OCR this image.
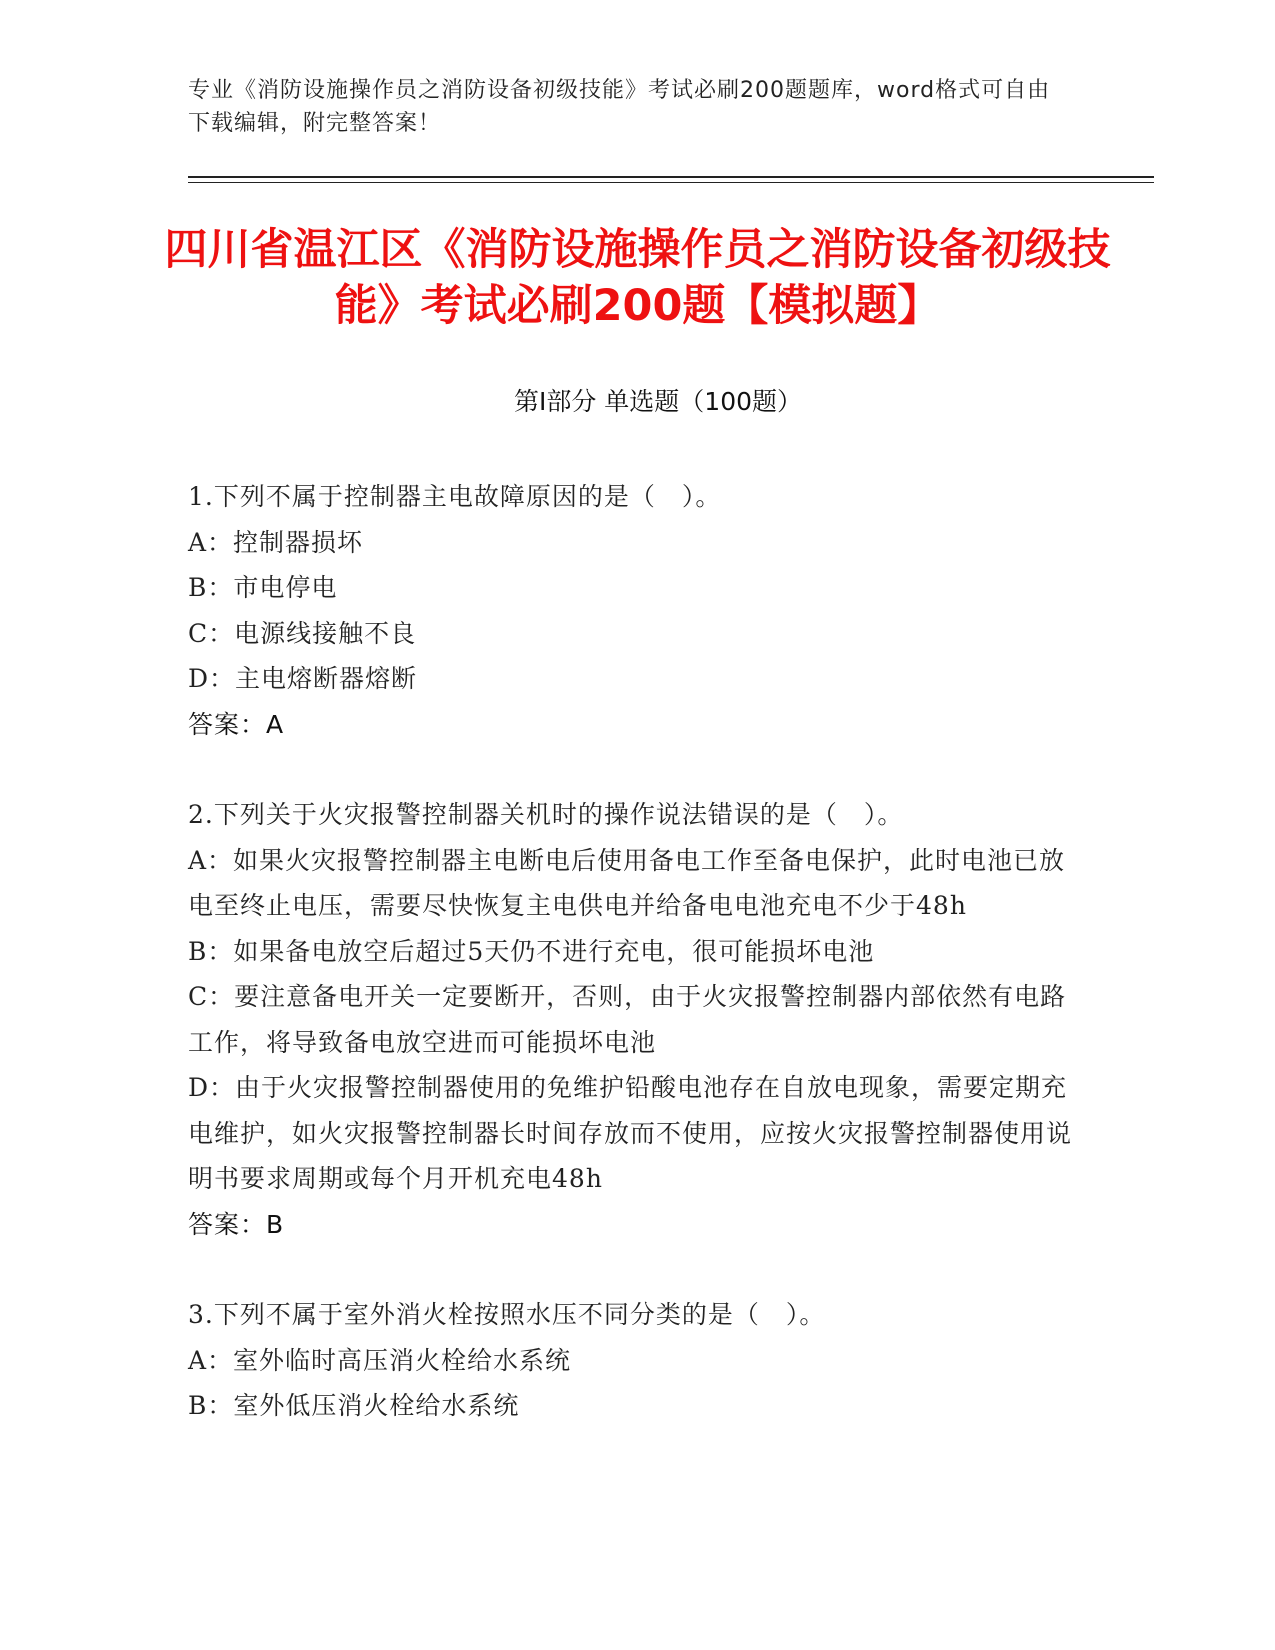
专业《消防设施操作员之消防设备初级技能》考试必刷200题题库，word格式可自由下载编辑，附完整答案！
四川省温江区《消防设施操作员之消防设备初级技能》考试必刷200题【模拟题】
第I部分 单选题（100题）

1.下列不属于控制器主电故障原因的是（　）。

A：控制器损坏

B：市电停电

C：电源线接触不良

D：主电熔断器熔断

答案：A

2.下列关于火灾报警控制器关机时的操作说法错误的是（　）。

A：如果火灾报警控制器主电断电后使用备电工作至备电保护，此时电池已放电至终止电压，需要尽快恢复主电供电并给备电电池充电不少于48h

B：如果备电放空后超过5天仍不进行充电，很可能损坏电池

C：要注意备电开关一定要断开，否则，由于火灾报警控制器内部依然有电路工作，将导致备电放空进而可能损坏电池

D：由于火灾报警控制器使用的免维护铅酸电池存在自放电现象，需要定期充电维护，如火灾报警控制器长时间存放而不使用，应按火灾报警控制器使用说明书要求周期或每个月开机充电48h

答案：B

3.下列不属于室外消火栓按照水压不同分类的是（　）。

A：室外临时高压消火栓给水系统

B：室外低压消火栓给水系统
